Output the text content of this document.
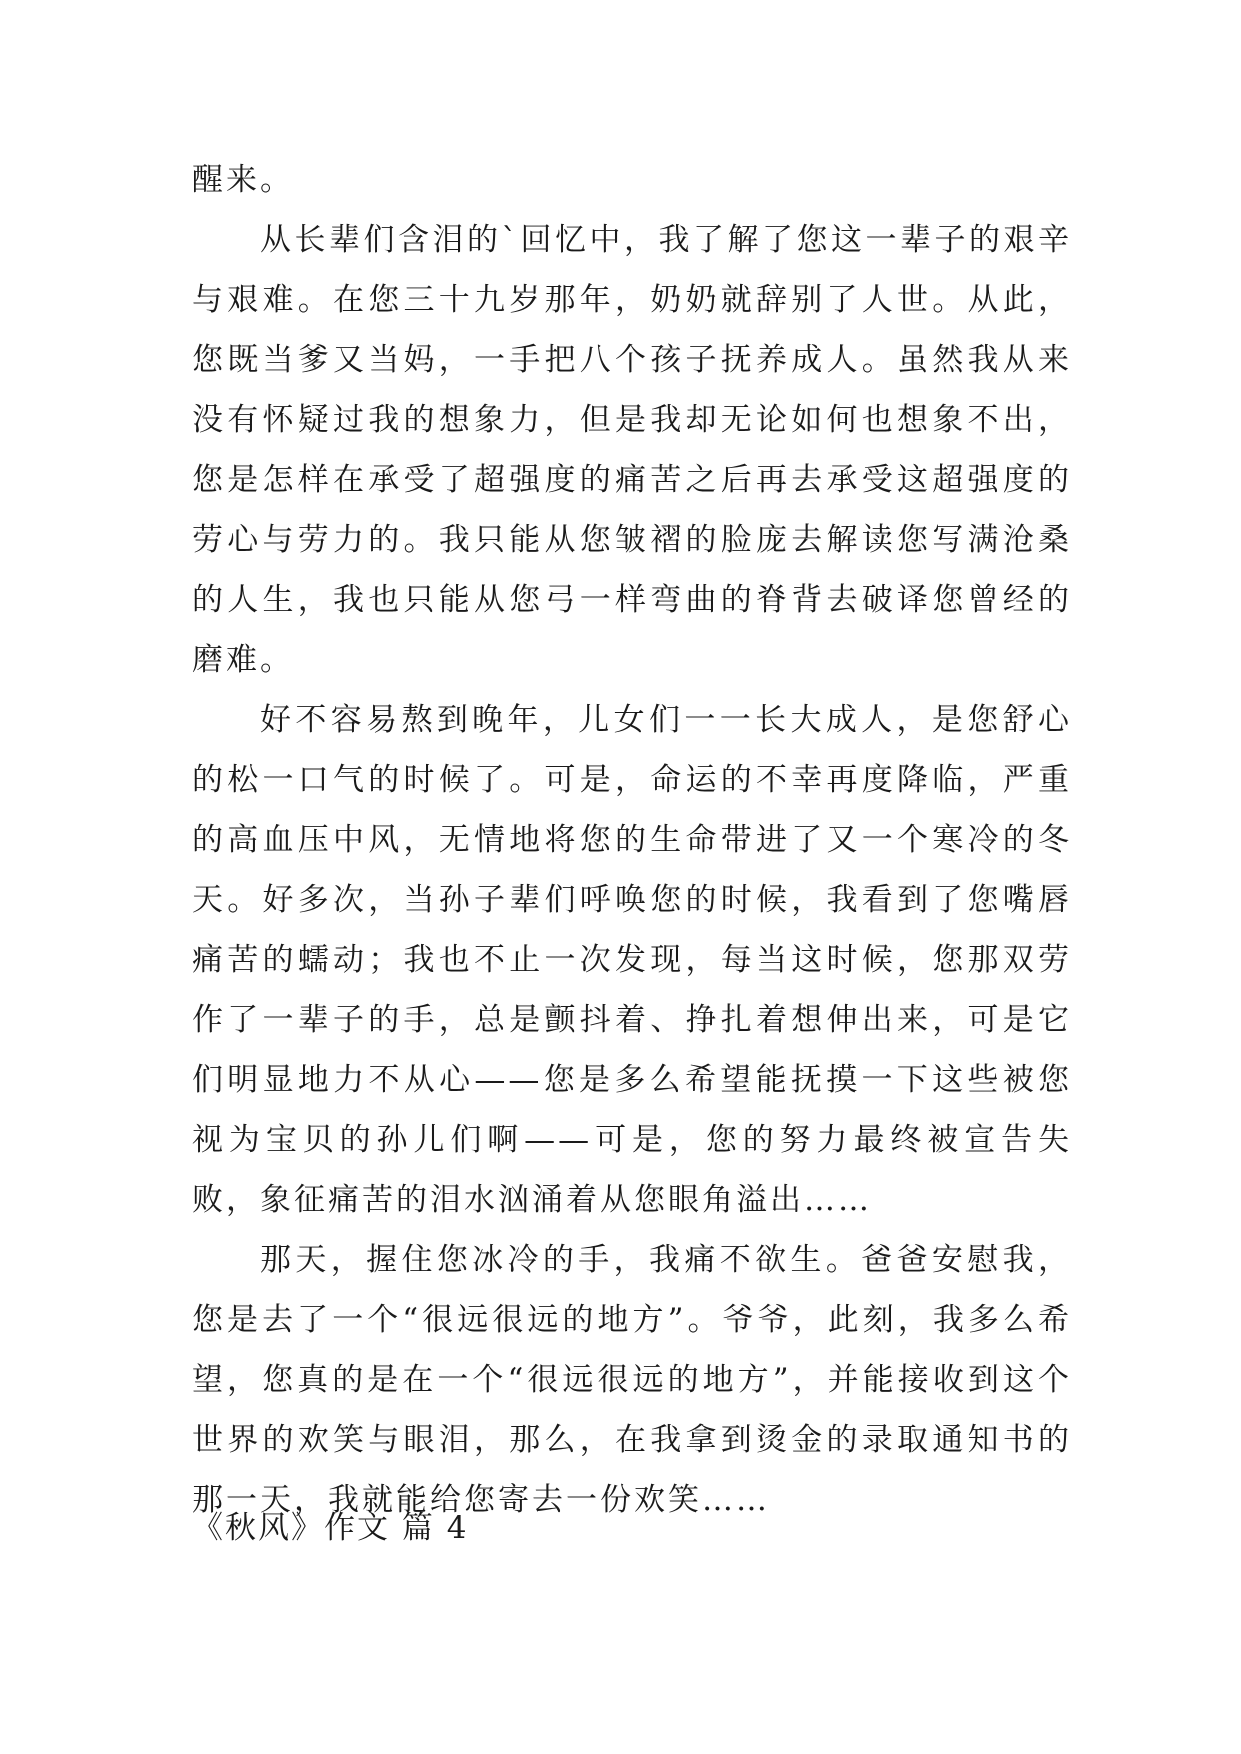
醒来。

从长辈们含泪的`回忆中，我了解了您这一辈子的艰辛与艰难。在您三十九岁那年，奶奶就辞别了人世。从此，您既当爹又当妈，一手把八个孩子抚养成人。虽然我从来没有怀疑过我的想象力，但是我却无论如何也想象不出，您是怎样在承受了超强度的痛苦之后再去承受这超强度的劳心与劳力的。我只能从您皱褶的脸庞去解读您写满沧桑的人生，我也只能从您弓一样弯曲的脊背去破译您曾经的磨难。

好不容易熬到晚年，儿女们一一长大成人，是您舒心的松一口气的时候了。可是，命运的不幸再度降临，严重的高血压中风，无情地将您的生命带进了又一个寒冷的冬天。好多次，当孙子辈们呼唤您的时候，我看到了您嘴唇痛苦的蠕动；我也不止一次发现，每当这时候，您那双劳作了一辈子的手，总是颤抖着、挣扎着想伸出来，可是它们明显地力不从心——您是多么希望能抚摸一下这些被您视为宝贝的孙儿们啊——可是，您的努力最终被宣告失败，象征痛苦的泪水汹涌着从您眼角溢出……

那天，握住您冰冷的手，我痛不欲生。爸爸安慰我，您是去了一个“很远很远的地方”。爷爷，此刻，我多么希望，您真的是在一个“很远很远的地方”，并能接收到这个世界的欢笑与眼泪，那么，在我拿到烫金的录取通知书的那一天，我就能给您寄去一份欢笑……

《秋风》作文 篇 4
